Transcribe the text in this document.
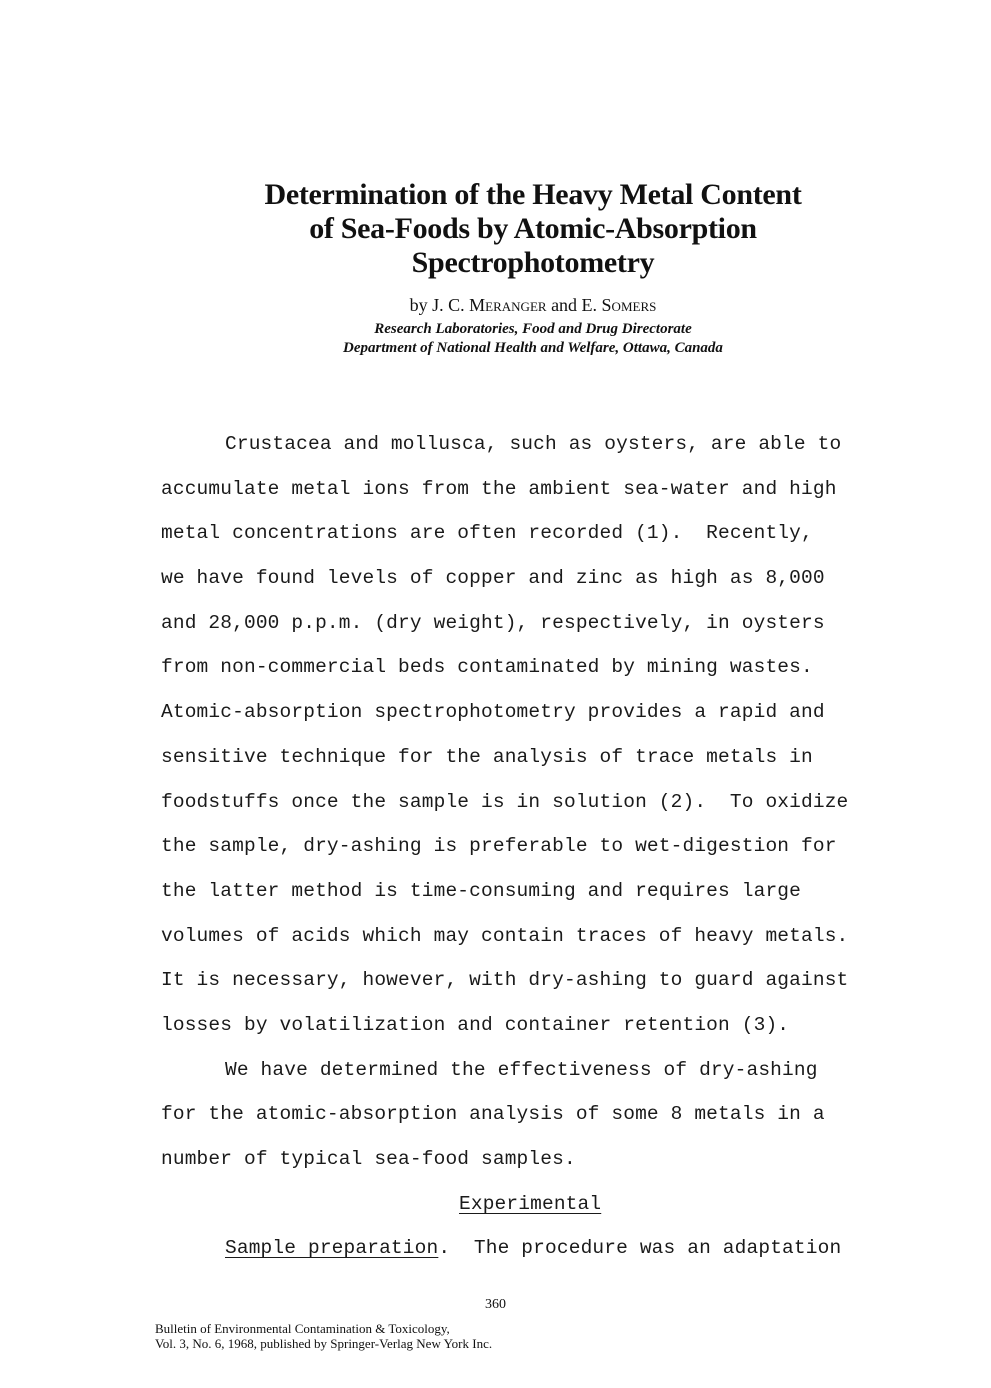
Determination of the Heavy Metal Content
of Sea-Foods by Atomic-Absorption
Spectrophotometry
by J. C. Meranger and E. Somers
Research Laboratories, Food and Drug Directorate
Department of National Health and Welfare, Ottawa, Canada
Crustacea and mollusca, such as oysters, are able to
accumulate metal ions from the ambient sea-water and high
metal concentrations are often recorded (1).  Recently,
we have found levels of copper and zinc as high as 8,000
and 28,000 p.p.m. (dry weight), respectively, in oysters
from non-commercial beds contaminated by mining wastes.
Atomic-absorption spectrophotometry provides a rapid and
sensitive technique for the analysis of trace metals in
foodstuffs once the sample is in solution (2).  To oxidize
the sample, dry-ashing is preferable to wet-digestion for
the latter method is time-consuming and requires large
volumes of acids which may contain traces of heavy metals.
It is necessary, however, with dry-ashing to guard against
losses by volatilization and container retention (3).
We have determined the effectiveness of dry-ashing
for the atomic-absorption analysis of some 8 metals in a
number of typical sea-food samples.
Experimental
Sample preparation.  The procedure was an adaptation
360
Bulletin of Environmental Contamination & Toxicology,
Vol. 3, No. 6, 1968, published by Springer-Verlag New York Inc.
